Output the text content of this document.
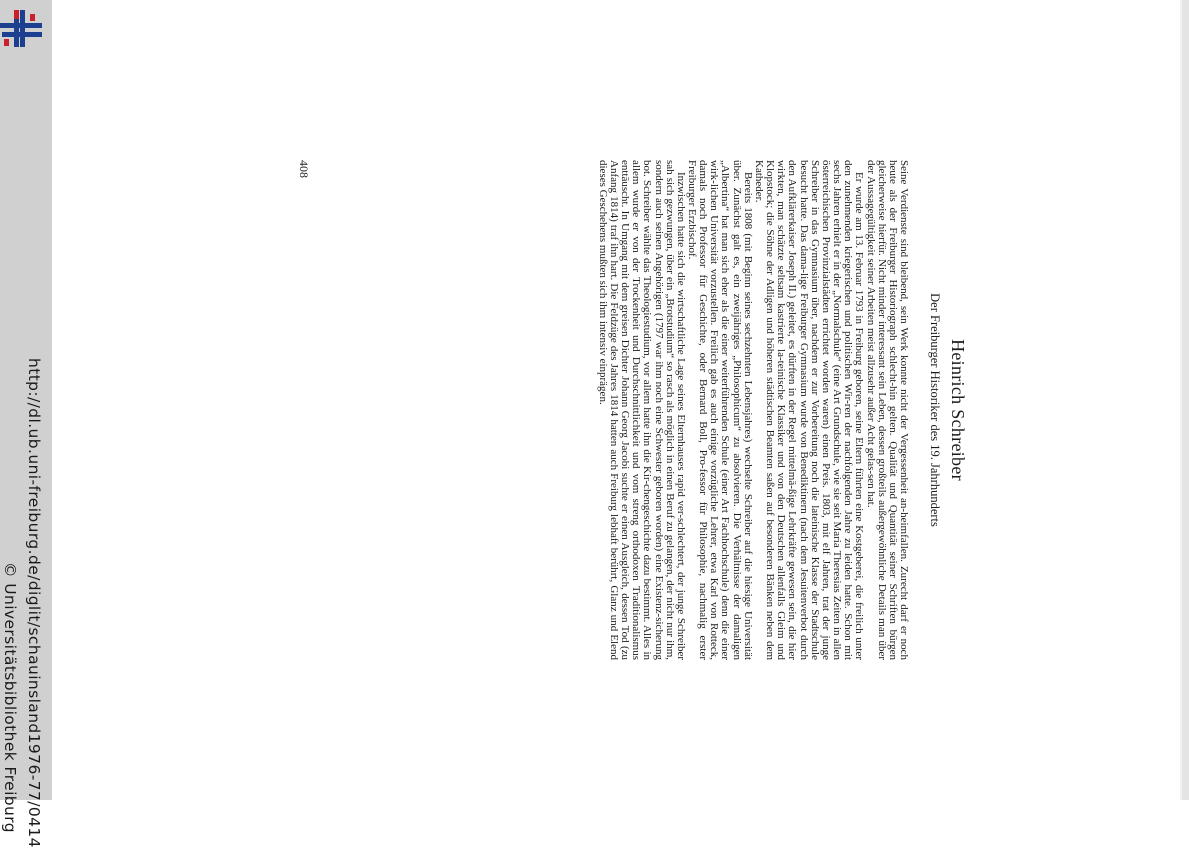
http://dl.ub.uni-freiburg.de/diglit/schauinsland1976-77/0414
© Universitätsbibliothek Freiburg
Heinrich Schreiber
Der Freiburger Historiker des 19. Jahrhunderts

Seine Verdienste sind bleibend, sein Werk konnte nicht der Vergessenheit an-heimfallen. Zurecht darf er noch heute als der Freiburger Historiograph schlecht-hin gelten. Qualität und Quantität seiner Schriften bürgen gleicherweise hierfür. Nicht minder interessant sein Leben, dessen großteils außergewöhnliche Details man über der Aussagegültigkeit seiner Arbeiten meist allzusehr außer Acht gelas-sen hat.

Er wurde am 13. Februar 1793 in Freiburg geboren, seine Eltern führten eine Kostgeberei, die freilich unter den zunehmenden kriegerischen und politischen Wir-ren der nachfolgenden Jahre zu leiden hatte. Schon mit sechs Jahren erhielt er in der „Normalschule“ (eine Art Grundschule, wie sie seit Maria Theresias Zeiten in allen österreichischen Provinzialstädten errichtet worden waren) einen Preis. 1803, mit elf Jahren, trat der junge Schreiber in das Gymnasium über, nachdem er zur Vorbereitung noch die lateinische Klasse der Stadtschule besucht hatte. Das dama-lige Freiburger Gymnasium wurde von Benediktinern (nach dem Jesuitenverbot durch den Aufklärerkaiser Joseph II.) geleitet, es dürften in der Regel mittelmä-ßige Lehrkräfte gewesen sein, die hier wirkten, man schätzte seltsam kastrierte la-teinische Klassiker und von den Deutschen allenfalls Gleim und Klopstock; die Söhne der Adligen und höheren städtischen Beamten saßen auf besonderen Bänken neben dem Katheder.

Bereits 1808 (mit Beginn seines sechzehnten Lebensjahres) wechselte Schreiber auf die hiesige Universität über. Zunächst galt es, ein zweijähriges „Philosophicum“ zu absolvieren. Die Verhältnisse der damaligen „Albertina“ hat man sich eher als die einer weiterführenden Schule (einer Art Fachhochschule) denn die einer wirk-lichen Universität vorzustellen. Freilich gab es auch einige vorzügliche Lehrer, etwa Karl von Rotteck, damals noch Professor für Geschichte, oder Bernard Boll, Pro-fessor für Philosophie, nachmalig erster Freiburger Erzbischof.

Inzwischen hatte sich die wirtschaftliche Lage seines Elternhauses rapid ver-schlechtert, der junge Schreiber sah sich gezwungen, über ein „Brotstudium“ so rasch als möglich in einen Beruf zu gelangen, der nicht nur ihm, sondern auch seinen Angehörigen (1797 war ihm noch eine Schwester geboren worden) eine Existenz-sicherung bot. Schreiber wählte das Theologiestudium, vor allem hatte ihn die Kir-chengeschichte dazu bestimmt. Alles in allem wurde er von der Trockenheit und Durchschnittlichkeit und vom streng orthodoxen Traditionalismus enttäuscht. In Umgang mit dem greisen Dichter Johann Georg Jacobi suchte er einen Ausgleich, dessen Tod (zu Anfang 1814) traf ihn hart. Die Feldzüge des Jahres 1814 hatten auch Freiburg lebhaft berührt, Glanz und Elend dieses Geschehens mußten sich ihm intensiv einprägen.

408
